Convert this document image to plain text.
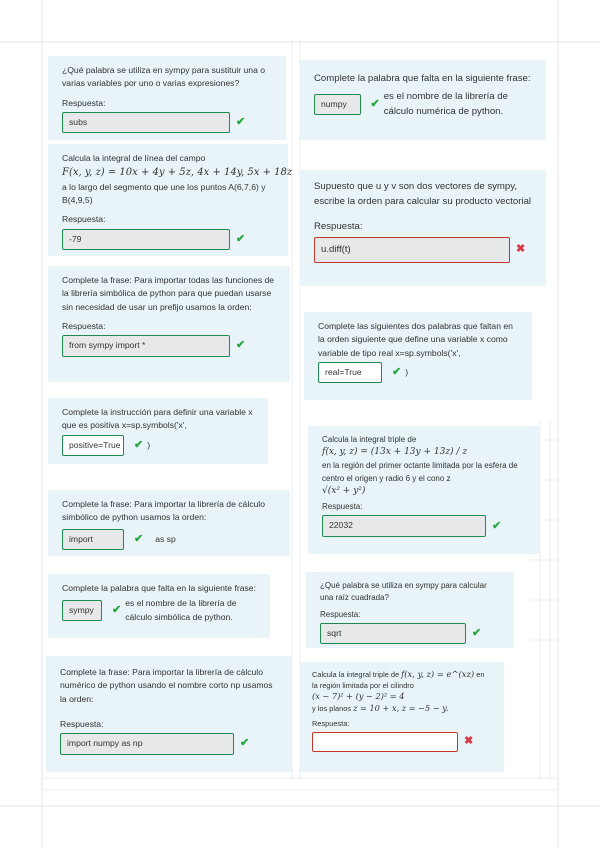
¿Qué palabra se utiliza en sympy para sustituir una o varias variables por uno o varias expresiones?

Respuesta:
subs	✔

Complete la palabra que falta en la siguiente frase:

numpy	✔
es el nombre de la librería de cálculo numérica de python.

Calcula la integral de línea del campo

F(x, y, z) = 10x + 4y + 5z, 4x + 14y, 5x + 18z

a lo largo del segmento que une los puntos A(6,7,6) y B(4,9,5)

Respuesta:
-79	✔

Supuesto que u y v son dos vectores de sympy, escribe la orden para calcular su producto vectorial

Respuesta:
u.diff(t)	✖

Complete la frase: Para importar todas las funciones de la librería simbólica de python para que puedan usarse sin necesidad de usar un prefijo usamos la orden:

Respuesta:
from sympy import *	✔

Complete las siguientes dos palabras que faltan en la orden siguiente que define una variable x como variable de tipo real x=sp.symbols('x',

real=True	✔ )

Complete la instrucción para definir una variable x que es positiva x=sp.symbols('x',

positive=True	✔ )

Calcula la integral triple de

f(x, y, z) = (13x + 13y + 13z) / z

en la región del primer octante limitada por la esfera de centro el origen y radio 6 y el cono z

√(x² + y²)
Respuesta:
22032	✔

Complete la frase: Para importar la librería de cálculo simbólico de python usamos la orden:

import	✔ as sp

¿Qué palabra se utiliza en sympy para calcular una raíz cuadrada?

Respuesta:
sqrt	✔

Complete la palabra que falta en la siguiente frase:

sympy	✔
es el nombre de la librería de cálculo simbólica de python.

Complete la frase: Para importar la librería de cálculo numérico de python usando el nombre corto np usamos la orden:

Respuesta:
import numpy as np	✔
Calcula la integral triple de f(x, y, z) = e^(xz) en la región limitada por el cilindro
(x − 7)² + (y − 2)² = 4
y los planos z = 10 + x, z = −5 − y.
Respuesta:
✖
